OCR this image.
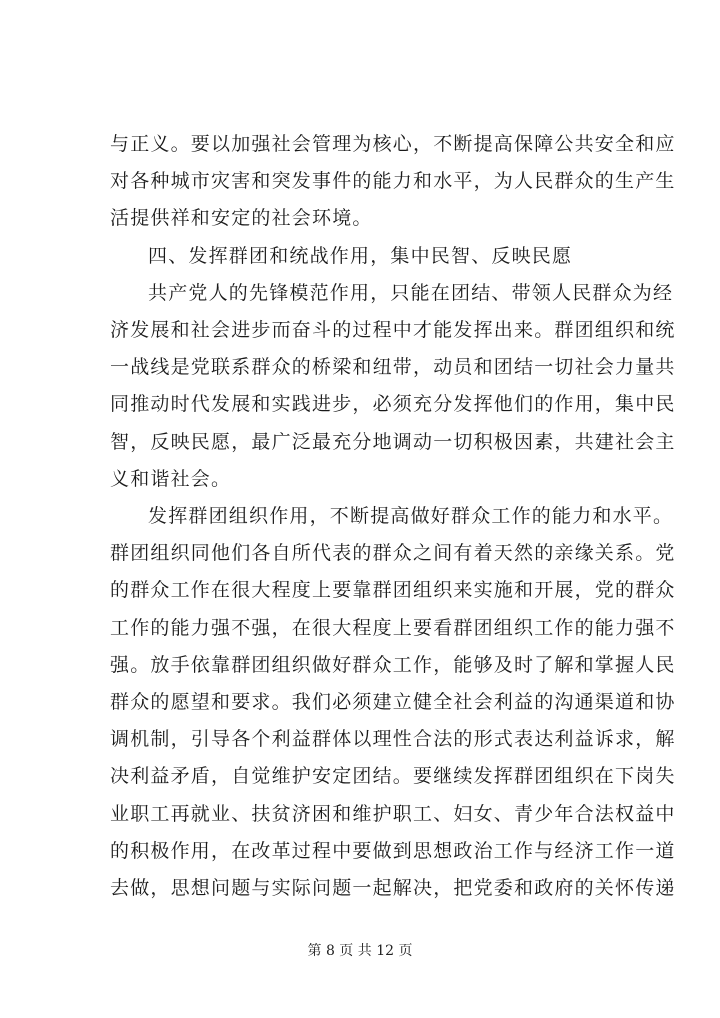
与正义。要以加强社会管理为核心，不断提高保障公共安全和应
对各种城市灾害和突发事件的能力和水平，为人民群众的生产生
活提供祥和安定的社会环境。
四、发挥群团和统战作用，集中民智、反映民愿
共产党人的先锋模范作用，只能在团结、带领人民群众为经
济发展和社会进步而奋斗的过程中才能发挥出来。群团组织和统
一战线是党联系群众的桥梁和纽带，动员和团结一切社会力量共
同推动时代发展和实践进步，必须充分发挥他们的作用，集中民
智，反映民愿，最广泛最充分地调动一切积极因素，共建社会主
义和谐社会。
发挥群团组织作用，不断提高做好群众工作的能力和水平。
群团组织同他们各自所代表的群众之间有着天然的亲缘关系。党
的群众工作在很大程度上要靠群团组织来实施和开展，党的群众
工作的能力强不强，在很大程度上要看群团组织工作的能力强不
强。放手依靠群团组织做好群众工作，能够及时了解和掌握人民
群众的愿望和要求。我们必须建立健全社会利益的沟通渠道和协
调机制，引导各个利益群体以理性合法的形式表达利益诉求，解
决利益矛盾，自觉维护安定团结。要继续发挥群团组织在下岗失
业职工再就业、扶贫济困和维护职工、妇女、青少年合法权益中
的积极作用，在改革过程中要做到思想政治工作与经济工作一道
去做，思想问题与实际问题一起解决，把党委和政府的关怀传递
第 8 页 共 12 页
